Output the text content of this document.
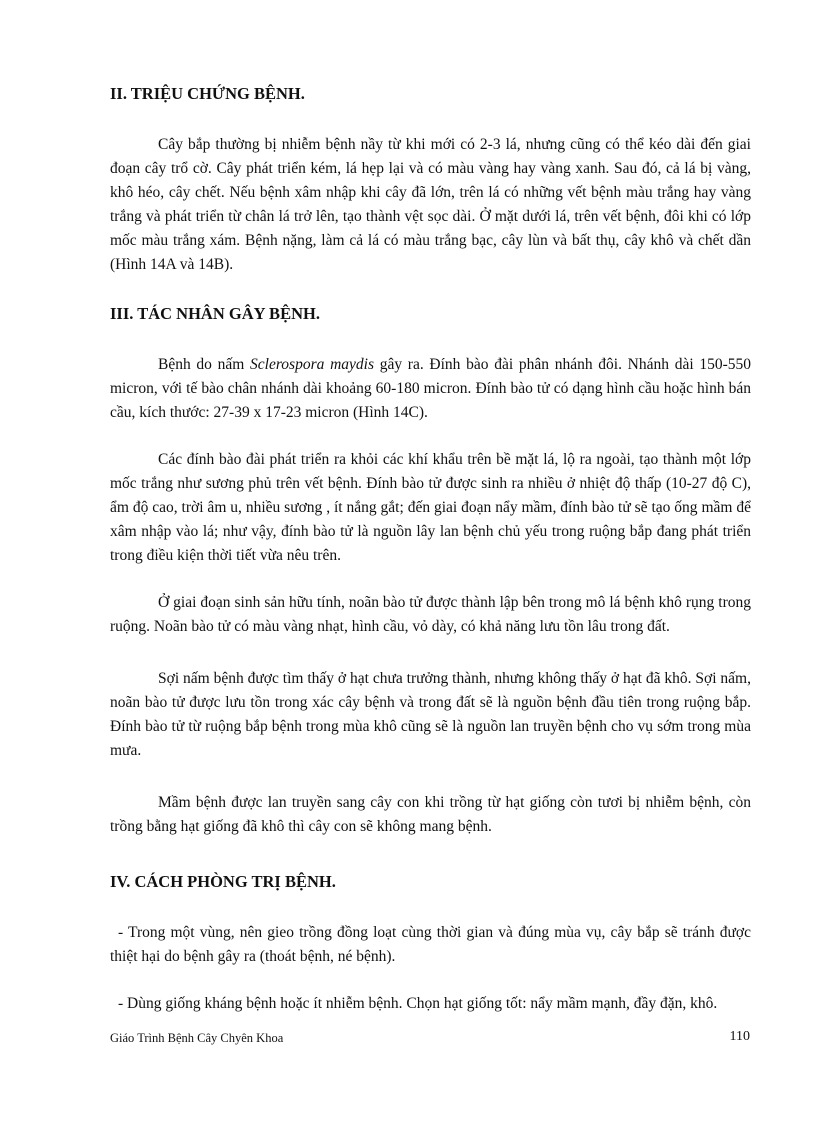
II. TRIỆU CHỨNG BỆNH.

Cây bắp thường bị nhiễm bệnh nầy từ khi mới có 2-3 lá, nhưng cũng có thể kéo dài đến giai đoạn cây trổ cờ. Cây phát triển kém, lá hẹp lại và có màu vàng hay vàng xanh. Sau đó, cả lá bị vàng, khô héo, cây chết. Nếu bệnh xâm nhập khi cây đã lớn, trên lá có những vết bệnh màu trắng hay vàng trắng và phát triển từ chân lá trở lên, tạo thành vệt sọc dài. Ở mặt dưới lá, trên vết bệnh, đôi khi có lớp mốc màu trắng xám. Bệnh nặng, làm cả lá có màu trắng bạc, cây lùn và bất thụ, cây khô và chết dần (Hình 14A và 14B).

III. TÁC NHÂN GÂY BỆNH.

Bệnh do nấm Sclerospora maydis gây ra. Đính bào đài phân nhánh đôi. Nhánh dài 150-550 micron, với tế bào chân nhánh dài khoảng 60-180 micron. Đính bào tử có dạng hình cầu hoặc hình bán cầu, kích thước: 27-39 x 17-23 micron (Hình 14C).

Các đính bào đài phát triển ra khỏi các khí khẩu trên bề mặt lá, lộ ra ngoài, tạo thành một lớp mốc trắng như sương phủ trên vết bệnh. Đính bào tử được sinh ra nhiều ở nhiệt độ thấp (10-27 độ C), ẩm độ cao, trời âm u, nhiều sương , ít nắng gắt; đến giai đoạn nẩy mầm, đính bào tử sẽ tạo ống mầm để xâm nhập vào lá; như vậy, đính bào tử là nguồn lây lan bệnh chủ yếu trong ruộng bắp đang phát triển trong điều kiện thời tiết vừa nêu trên.

Ở giai đoạn sinh sản hữu tính, noãn bào tử được thành lập bên trong mô lá bệnh khô rụng trong ruộng. Noãn bào tử có màu vàng nhạt, hình cầu, vỏ dày, có khả năng lưu tồn lâu trong đất.

Sợi nấm bệnh được tìm thấy ở hạt chưa trưởng thành, nhưng không thấy ở hạt đã khô. Sợi nấm, noãn bào tử được lưu tồn trong xác cây bệnh và trong đất sẽ là nguồn bệnh đầu tiên trong ruộng bắp. Đính bào tử từ ruộng bắp bệnh trong mùa khô cũng sẽ là nguồn lan truyền bệnh cho vụ sớm trong mùa mưa.

Mầm bệnh được lan truyền sang cây con khi trồng từ hạt giống còn tươi bị nhiễm bệnh, còn trồng bằng hạt giống đã khô thì cây con sẽ không mang bệnh.

IV. CÁCH PHÒNG TRỊ BỆNH.

- Trong một vùng, nên gieo trồng đồng loạt cùng thời gian và đúng mùa vụ, cây bắp sẽ tránh được thiệt hại do bệnh gây ra (thoát bệnh, né bệnh).

- Dùng giống kháng bệnh hoặc ít nhiễm bệnh. Chọn hạt giống tốt: nẩy mầm mạnh, đầy đặn, khô.

Giáo Trình Bệnh Cây Chyên Khoa	110
